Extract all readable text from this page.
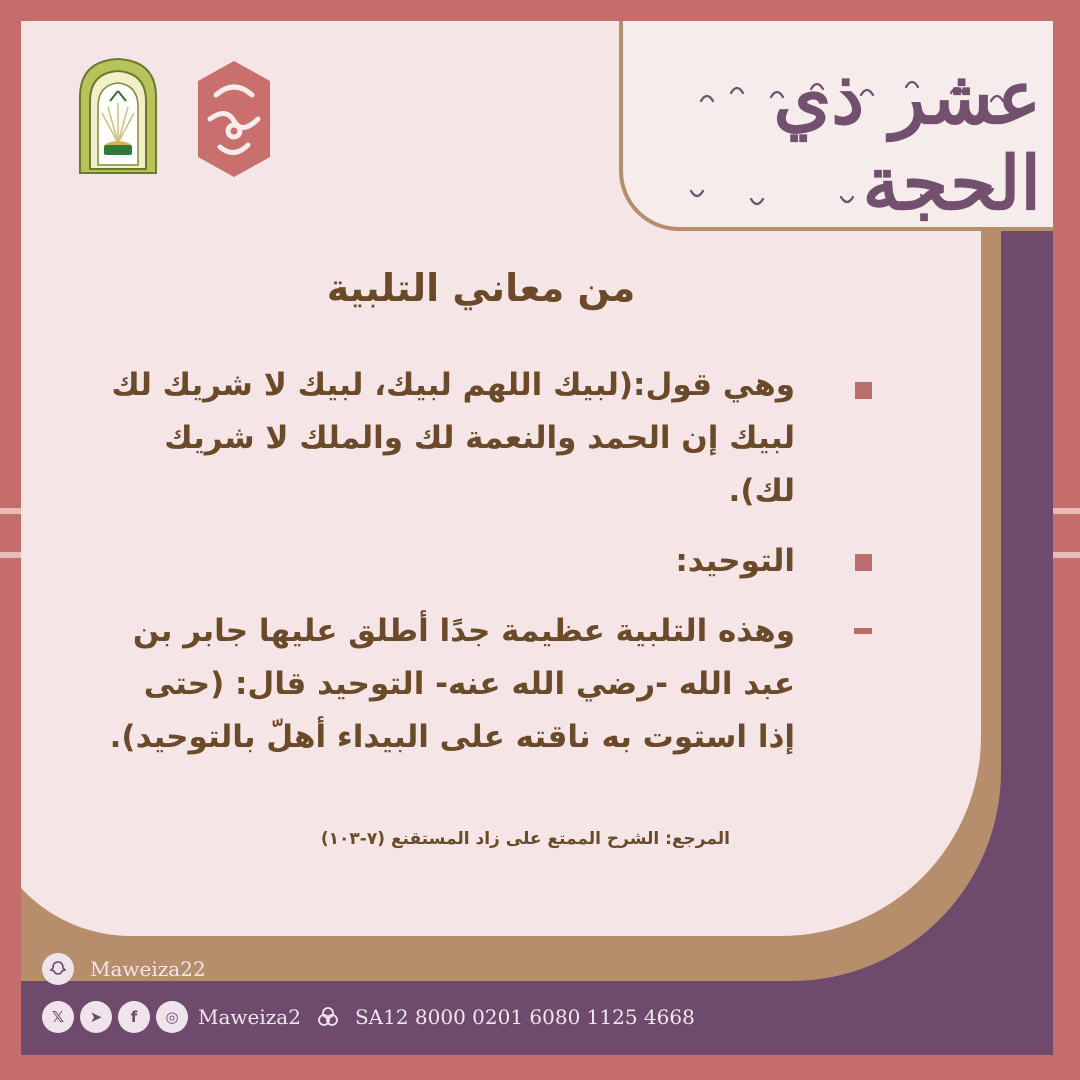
عشر ذي الحجة
من معاني التلبية
وهي قول:(لبيك اللهم لبيك، لبيك لا شريك لك لبيك إن الحمد والنعمة لك والملك لا شريك لك).
التوحيد:
وهذه التلبية عظيمة جدًا أطلق عليها جابر بن عبد الله -رضي الله عنه- التوحيد قال: (حتى إذا استوت به ناقته على البيداء أهلّ بالتوحيد).
المرجع: الشرح الممتع على زاد المستقنع (٧-١٠٣)
Maweiza22
𝕏	➤	f	◎ Maweiza2	SA12 8000 0201 6080 1125 4668
